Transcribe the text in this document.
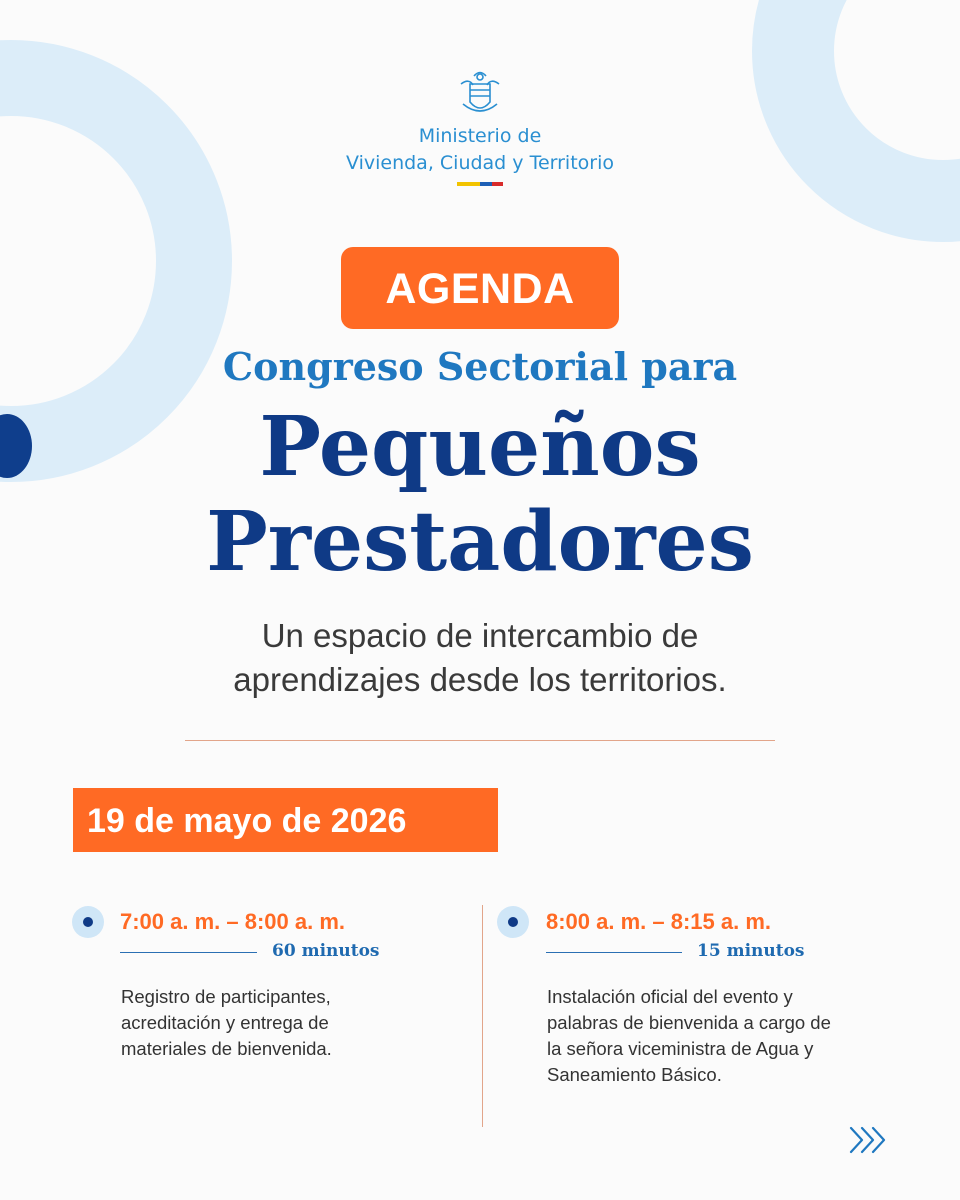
Ministerio de
Vivienda, Ciudad y Territorio
AGENDA
Congreso Sectorial para
Pequeños
Prestadores
Un espacio de intercambio de
aprendizajes desde los territorios.
19 de mayo de 2026
7:00 a. m. – 8:00 a. m.
60 minutos
Registro de participantes,
acreditación y entrega de
materiales de bienvenida.
8:00 a. m. – 8:15 a. m.
15 minutos
Instalación oficial del evento y
palabras de bienvenida a cargo de
la señora viceministra de Agua y
Saneamiento Básico.
